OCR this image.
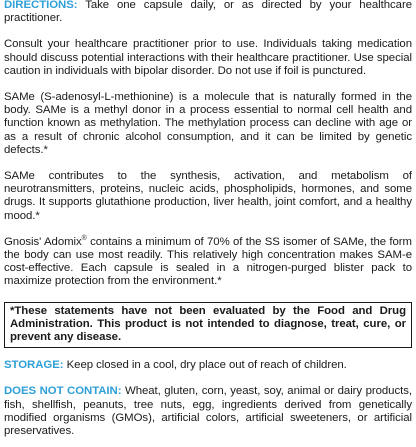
DIRECTIONS: Take one capsule daily, or as directed by your healthcare practitioner.

Consult your healthcare practitioner prior to use. Individuals taking medication should discuss potential interactions with their healthcare practitioner. Use special caution in individuals with bipolar disorder. Do not use if foil is punctured.

SAMe (S-adenosyl-L-methionine) is a molecule that is naturally formed in the body. SAMe is a methyl donor in a process essential to normal cell health and function known as methylation. The methylation process can decline with age or as a result of chronic alcohol consumption, and it can be limited by genetic defects.*

SAMe contributes to the synthesis, activation, and metabolism of neurotransmitters, proteins, nucleic acids, phospholipids, hormones, and some drugs. It supports glutathione production, liver health, joint comfort, and a healthy mood.*

Gnosis' Adomix® contains a minimum of 70% of the SS isomer of SAMe, the form the body can use most readily. This relatively high concentration makes SAM-e cost-effective. Each capsule is sealed in a nitrogen-purged blister pack to maximize protection from the environment.*

*These statements have not been evaluated by the Food and Drug Administration. This product is not intended to diagnose, treat, cure, or prevent any disease.

STORAGE: Keep closed in a cool, dry place out of reach of children.

DOES NOT CONTAIN: Wheat, gluten, corn, yeast, soy, animal or dairy products, fish, shellfish, peanuts, tree nuts, egg, ingredients derived from genetically modified organisms (GMOs), artificial colors, artificial sweeteners, or artificial preservatives.
